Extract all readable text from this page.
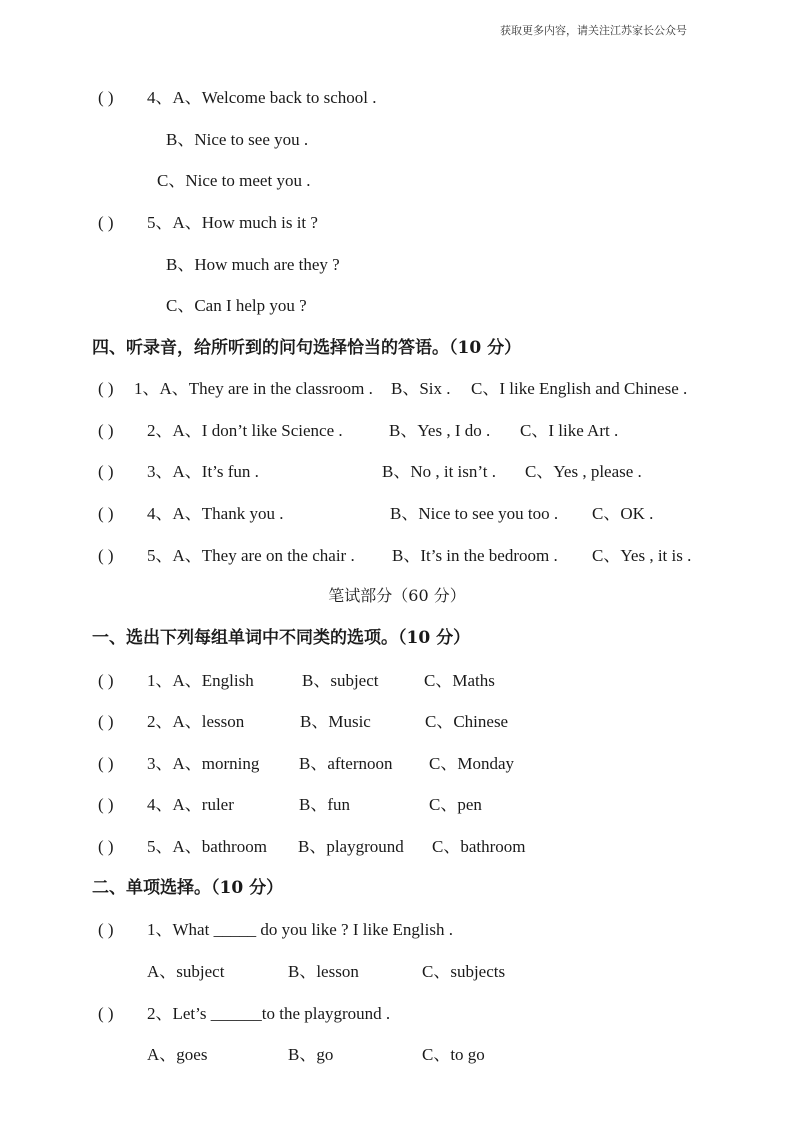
获取更多内容，请关注江苏家长公众号
( ) 4、A、Welcome back to school .
B、Nice to see you .
C、Nice to meet you .
( ) 5、A、How much is it ?
B、How much are they ?
C、Can I help you ?
四、听录音，给所听到的问句选择恰当的答语。（10 分）
( ) 1、A、They are in the classroom . B、Six . C、I like English and Chinese .
( ) 2、A、I don’t like Science .	B、Yes , I do . C、I like Art .
( ) 3、A、It’s fun .	B、No , it isn’t . C、Yes , please .
( ) 4、A、Thank you .	B、Nice to see you too . C、OK .
( ) 5、A、They are on the chair . B、It’s in the bedroom . C、Yes , it is .
笔试部分（60 分）
一、选出下列每组单词中不同类的选项。（10 分）
( ) 1、A、English	B、subject	C、Maths
( ) 2、A、lesson	B、Music	C、Chinese
( ) 3、A、morning B、afternoon C、Monday
( ) 4、A、ruler	B、fun	C、pen
( ) 5、A、bathroom B、playground C、bathroom
二、单项选择。（10 分）
( ) 1、What _____ do you like ? I like English .
A、subject	B、lesson	C、subjects
( ) 2、Let’s ______to the playground .
A、goes	B、go	C、to go
